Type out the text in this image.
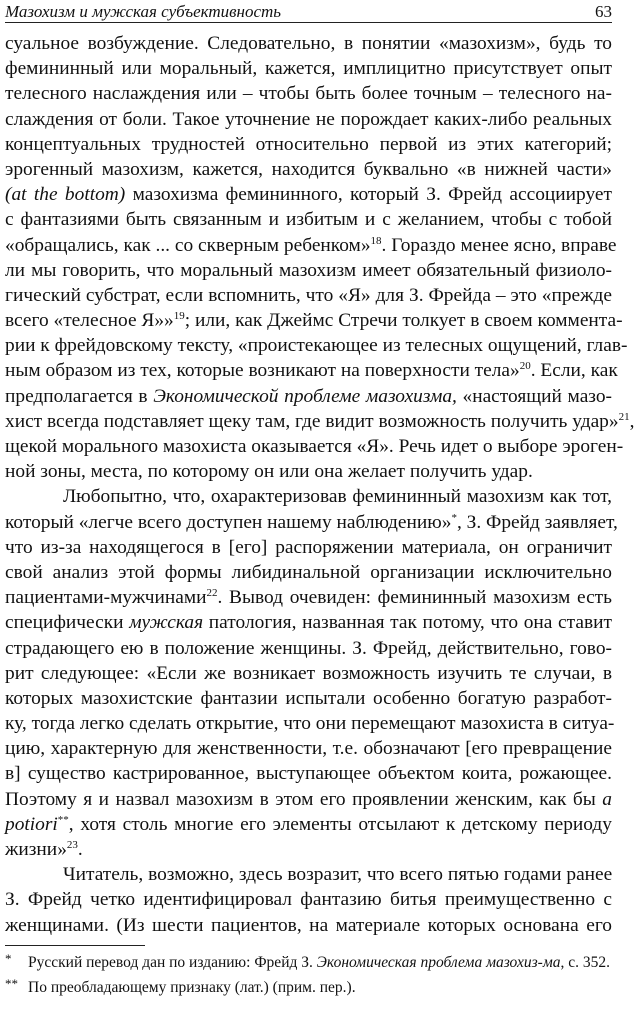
Мазохизм и мужская субъективность	63
суальное возбуждение. Следовательно, в понятии «мазохизм», будь то
фемининный или моральный, кажется, имплицитно присутствует опыт
телесного наслаждения или – чтобы быть более точным – телесного на-
слаждения от боли. Такое уточнение не порождает каких-либо реальных
концептуальных трудностей относительно первой из этих категорий;
эрогенный мазохизм, кажется, находится буквально «в нижней части»
(at the bottom) мазохизма фемининного, который З. Фрейд ассоциирует
с фантазиями быть связанным и избитым и с желанием, чтобы с тобой
«обращались, как ... со скверным ребенком»$^{18}$. Гораздо менее ясно, вправе
ли мы говорить, что моральный мазохизм имеет обязательный физиоло-
гический субстрат, если вспомнить, что «Я» для З. Фрейда – это «прежде
всего «телесное Я»»$^{19}$; или, как Джеймс Стречи толкует в своем коммента-
рии к фрейдовскому тексту, «проистекающее из телесных ощущений, глав-
ным образом из тех, которые возникают на поверхности тела»$^{20}$. Если, как
предполагается в Экономической проблеме мазохизма, «настоящий мазо-
хист всегда подставляет щеку там, где видит возможность получить удар»$^{21}$,
щекой морального мазохиста оказывается «Я». Речь идет о выборе эроген-
ной зоны, места, по которому он или она желает получить удар.
Любопытно, что, охарактеризовав фемининный мазохизм как тот,
который «легче всего доступен нашему наблюдению»*, З. Фрейд заявляет,
что из-за находящегося в [его] распоряжении материала, он ограничит
свой анализ этой формы либидинальной организации исключительно
пациентами-мужчинами$^{22}$. Вывод очевиден: фемининный мазохизм есть
специфически мужская патология, названная так потому, что она ставит
страдающего ею в положение женщины. З. Фрейд, действительно, гово-
рит следующее: «Если же возникает возможность изучить те случаи, в
которых мазохистские фантазии испытали особенно богатую разработ-
ку, тогда легко сделать открытие, что они перемещают мазохиста в ситуа-
цию, характерную для женственности, т.е. обозначают [его превращение
в] существо кастрированное, выступающее объектом коита, рожающее.
Поэтому я и назвал мазохизм в этом его проявлении женским, как бы a
potiori**, хотя столь многие его элементы отсылают к детскому периоду
жизни»$^{23}$.
Читатель, возможно, здесь возразит, что всего пятью годами ранее
З. Фрейд четко идентифицировал фантазию битья преимущественно с
женщинами. (Из шести пациентов, на материале которых основана его
* Русский перевод дан по изданию: Фрейд З. Экономическая проблема мазохиз-ма, с. 352.
** По преобладающему признаку (лат.) (прим. пер.).
